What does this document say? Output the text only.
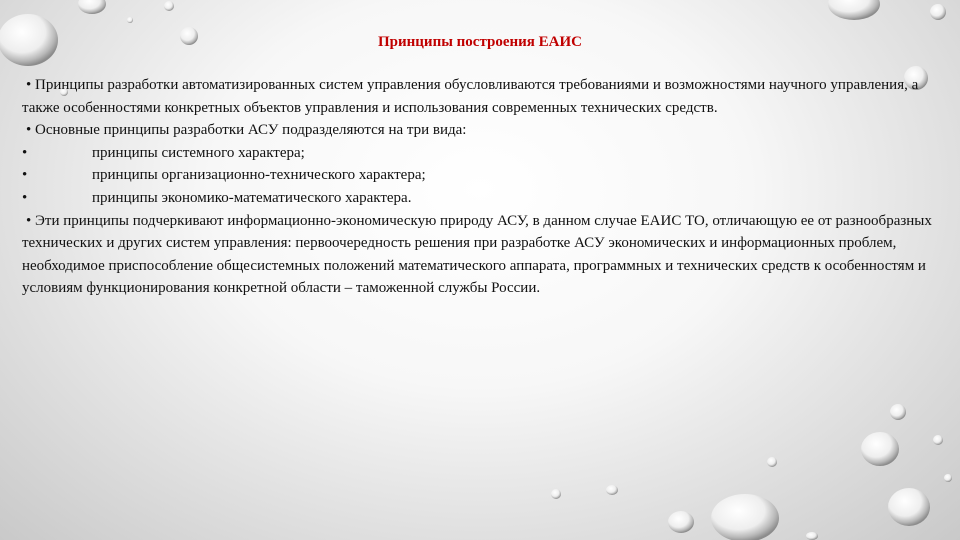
Принципы построения ЕАИС

• Принципы разработки автоматизированных систем управления обусловливаются требованиями и возможностями научного управления, а также особенностями конкретных объектов управления и использования современных технических средств.

• Основные принципы разработки АСУ подразделяются на три вида:

•	принципы системного характера;

•	принципы организационно-технического характера;

•	принципы экономико-математического характера.

• Эти принципы подчеркивают информационно-экономическую природу АСУ, в данном случае ЕАИС ТО, отличающую ее от разнообразных технических и других систем управления: первоочередность решения при разработке АСУ экономических и информационных проблем, необходимое приспособление общесистемных положений математического аппарата, программных и технических средств к особенностям и условиям функционирования конкретной области – таможенной службы России.
